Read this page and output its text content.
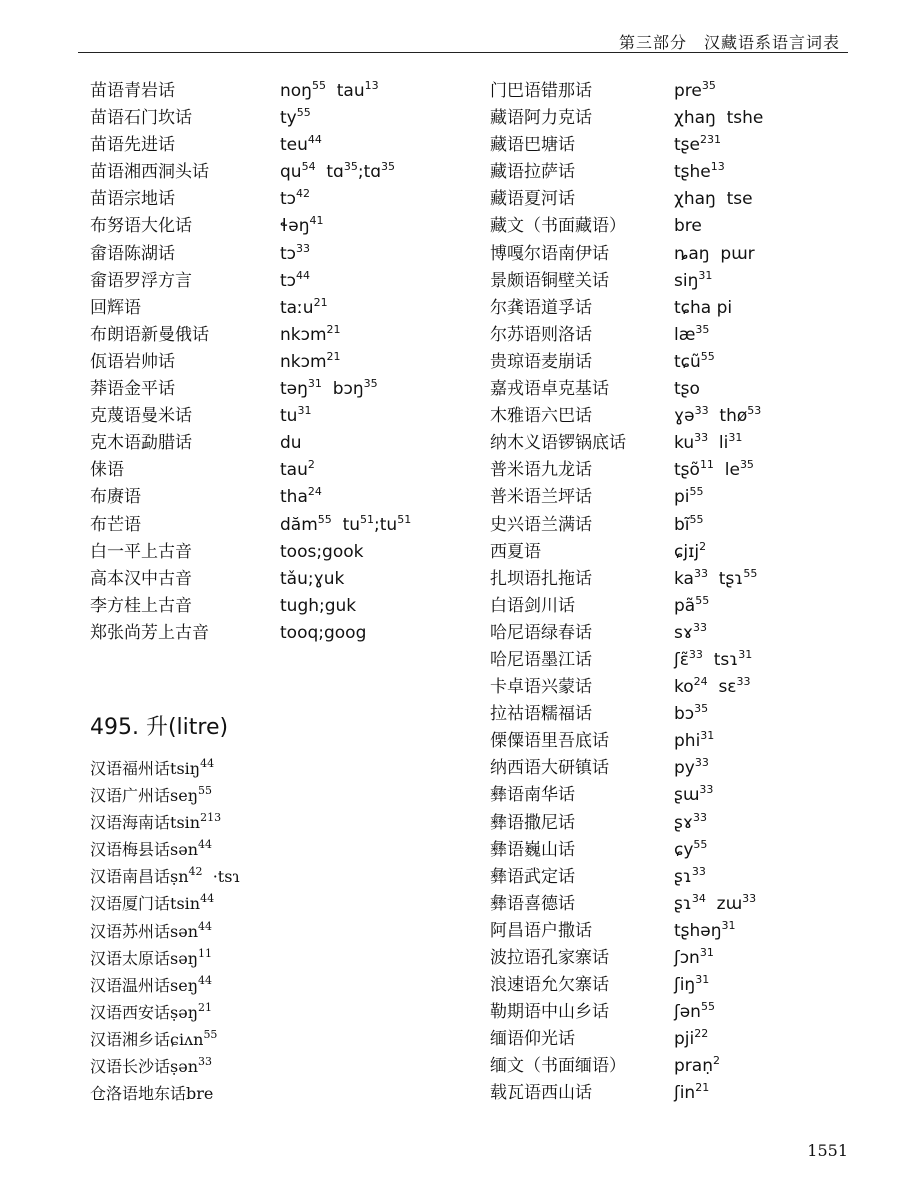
第三部分　汉藏语系语言词表
苗语青岩话	noŋ$^{55}$  tau$^{13}$
苗语石门坎话	$ty^{55}$
苗语先进话	teu$^{44}$
苗语湘西洞头话	$qu^{54}$  tɑ$^{35}$;tɑ$^{35}$
苗语宗地话	tɔ$^{42}$
布努语大化话	ɬəŋ$^{41}$
畲语陈湖话	tɔ$^{33}$
畲语罗浮方言	tɔ$^{44}$
回辉语	taːu$^{21}$
布朗语新曼俄话	nkɔm$^{21}$
佤语岩帅话	nkɔm$^{21}$
莽语金平话	təŋ$^{31}$  bɔŋ$^{35}$
克蔑语曼米话	$tu^{31}$
克木语勐腊话	du
俫语	tau$^2$
布赓语	tha$^{24}$
布芒语	dăm$^{55}$  $tu^{51};tu^{51}$
白一平上古音	toos;gook
高本汉中古音	tǎu;ɣuk
李方桂上古音	tugh;guk
郑张尚芳上古音	tooq;goog
495. 升(litre)
汉语福州话tsiŋ$^{44}$
汉语广州话seŋ$^{55}$
汉语海南话tsin$^{213}$
汉语梅县话sən$^{44}$
汉语南昌话ṣn$^{42}$  ·tsɿ
汉语厦门话tsin$^{44}$
汉语苏州话sən$^{44}$
汉语太原话səŋ$^{11}$
汉语温州话seŋ$^{44}$
汉语西安话ṣəŋ$^{21}$
汉语湘乡话ɕiʌn$^{55}$
汉语长沙话ṣən$^{33}$
仓洛语地东话bre
门巴语错那话	pre$^{35}$
藏语阿力克话	χhaŋ  tshe
藏语巴塘话	tʂe$^{231}$
藏语拉萨话	tʂhe$^{13}$
藏语夏河话	χhaŋ  tse
藏文（书面藏语）	bre
博嘎尔语南伊话	ȵaŋ  pɯr
景颇语铜壁关话	siŋ$^{31}$
尔龚语道孚话	tɕha pi
尔苏语则洛话	$læ^{35}$
贵琼语麦崩话	tɕũ$^{55}$
嘉戎语卓克基话	tʂo
木雅语六巴话	ɣə$^{33}$  thø$^{53}$
纳木义语锣锅底话	$ku^{33}$  $li^{31}$
普米语九龙话	tʂõ$^{11}$  $le^{35}$
普米语兰坪话	$pi^{55}$
史兴语兰满话	$bĩ^{55}$
西夏语	ɕjɪj$^2$
扎坝语扎拖话	$ka^{33}$  tʂɿ$^{55}$
白语剑川话	$pã^{55}$
哈尼语绿春话	sɤ$^{33}$
哈尼语墨江话	ʃɛ̃$^{33}$  tsɿ$^{31}$
卡卓语兴蒙话	$ko^{24}$  sɛ$^{33}$
拉祜语糯福话	bɔ$^{35}$
傈僳语里吾底话	phi$^{31}$
纳西语大研镇话	$py^{33}$
彝语南华话	ʂɯ$^{33}$
彝语撒尼话	ʂɤ$^{33}$
彝语巍山话	ɕy$^{55}$
彝语武定话	ʂɿ$^{33}$
彝语喜德话	ʂɿ$^{34}$  zɯ$^{33}$
阿昌语户撒话	tʂhəŋ$^{31}$
波拉语孔家寨话	ʃɔn$^{31}$
浪速语允欠寨话	ʃiŋ$^{31}$
勒期语中山乡话	ʃən$^{55}$
缅语仰光话	pji$^{22}$
缅文（书面缅语）	praṇ$^2$
载瓦语西山话	ʃin$^{21}$
1551
